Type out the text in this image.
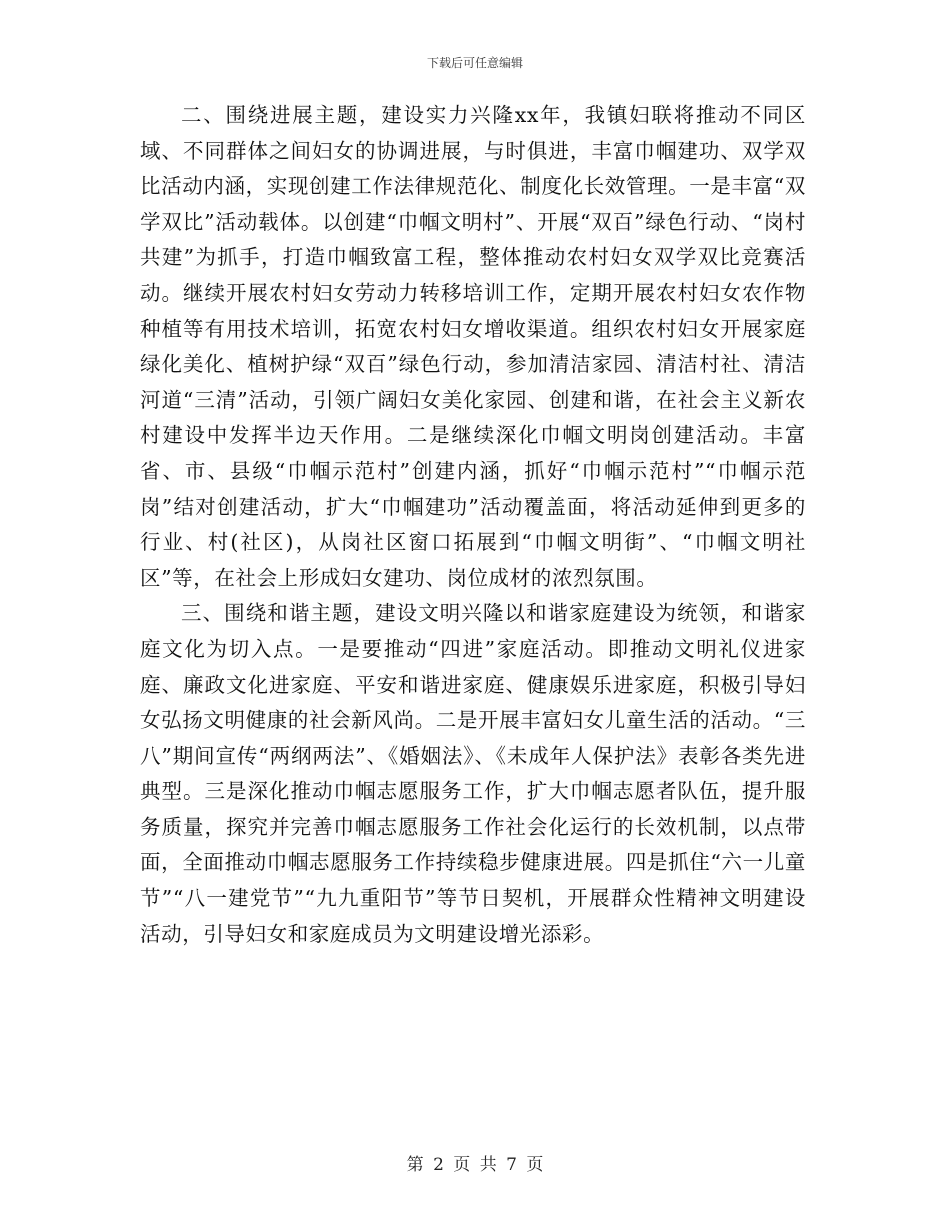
下载后可任意编辑

二、围绕进展主题，建设实力兴隆xx年，我镇妇联将推动不同区域、不同群体之间妇女的协调进展，与时俱进，丰富巾帼建功、双学双比活动内涵，实现创建工作法律规范化、制度化长效管理。一是丰富“双学双比”活动载体。以创建“巾帼文明村”、开展“双百”绿色行动、“岗村共建”为抓手，打造巾帼致富工程，整体推动农村妇女双学双比竞赛活动。继续开展农村妇女劳动力转移培训工作，定期开展农村妇女农作物种植等有用技术培训，拓宽农村妇女增收渠道。组织农村妇女开展家庭绿化美化、植树护绿“双百”绿色行动，参加清洁家园、清洁村社、清洁河道“三清”活动，引领广阔妇女美化家园、创建和谐，在社会主义新农村建设中发挥半边天作用。二是继续深化巾帼文明岗创建活动。丰富省、市、县级“巾帼示范村”创建内涵，抓好“巾帼示范村”“巾帼示范岗”结对创建活动，扩大“巾帼建功”活动覆盖面，将活动延伸到更多的行业、村(社区)，从岗社区窗口拓展到“巾帼文明街”、“巾帼文明社区”等，在社会上形成妇女建功、岗位成材的浓烈氛围。

三、围绕和谐主题，建设文明兴隆以和谐家庭建设为统领，和谐家庭文化为切入点。一是要推动“四进”家庭活动。即推动文明礼仪进家庭、廉政文化进家庭、平安和谐进家庭、健康娱乐进家庭，积极引导妇女弘扬文明健康的社会新风尚。二是开展丰富妇女儿童生活的活动。“三八”期间宣传“两纲两法”、《婚姻法》、《未成年人保护法》表彰各类先进典型。三是深化推动巾帼志愿服务工作，扩大巾帼志愿者队伍，提升服务质量，探究并完善巾帼志愿服务工作社会化运行的长效机制，以点带面，全面推动巾帼志愿服务工作持续稳步健康进展。四是抓住“六一儿童节”“八一建党节”“九九重阳节”等节日契机，开展群众性精神文明建设活动，引导妇女和家庭成员为文明建设增光添彩。

第 2 页 共 7 页
